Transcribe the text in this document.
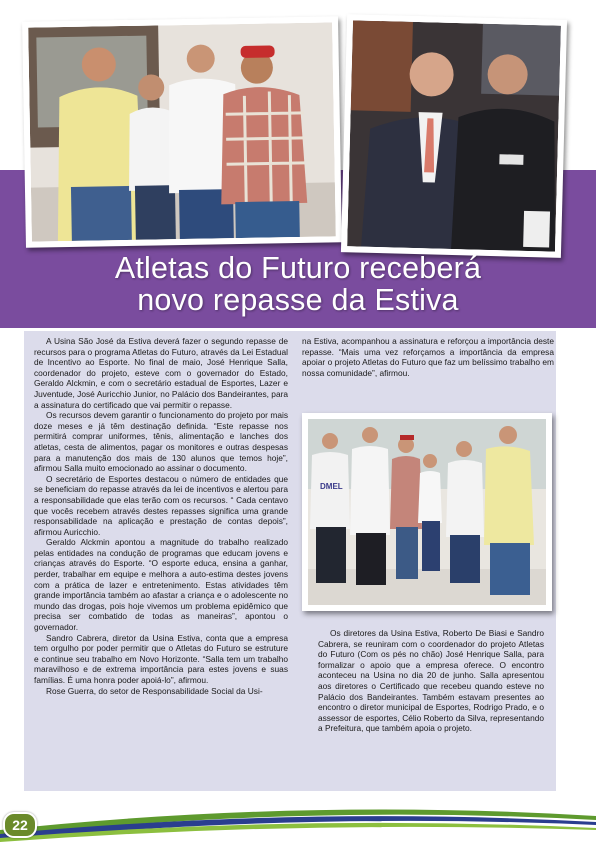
Atletas do Futuro receberá
novo repasse da Estiva

A Usina São José da Estiva deverá fazer o segundo repasse de recursos para o programa Atletas do Futuro, através da Lei Estadual de Incentivo ao Esporte. No final de maio, José Henrique Salla, coordenador do projeto, esteve com o governador do Estado, Geraldo Alckmin, e com o secretário estadual de Esportes, Lazer e Juventude, José Auricchio Junior, no Palácio dos Bandeirantes, para a assinatura do certificado que vai permitir o repasse.

Os recursos devem garantir o funcionamento do projeto por mais doze meses e já têm destinação definida. “Este repasse nos permitirá comprar uniformes, tênis, alimentação e lanches dos atletas, cesta de alimentos, pagar os monitores e outras despesas para a manutenção dos mais de 130 alunos que temos hoje”, afirmou Salla muito emocionado ao assinar o documento.

O secretário de Esportes destacou o número de entidades que se beneficiam do repasse através da lei de incentivos e alertou para a responsabilidade que elas terão com os recursos. “ Cada centavo que vocês recebem através destes repasses significa uma grande responsabilidade na aplicação e prestação de contas depois”, afirmou Auricchio.

Geraldo Alckmin apontou a magnitude do trabalho realizado pelas entidades na condução de programas que educam jovens e crianças através do Esporte. “O esporte educa, ensina a ganhar, perder, trabalhar em equipe e melhora a auto-estima destes jovens com a prática de lazer e entretenimento. Estas atividades têm grande importância também ao afastar a criança e o adolescente no mundo das drogas, pois hoje vivemos um problema epidêmico que precisa ser combatido de todas as maneiras”, apontou o governador.

Sandro Cabrera, diretor da Usina Estiva, conta que a empresa tem orgulho por poder permitir que o Atletas do Futuro se estruture e continue seu trabalho em Novo Horizonte. “Salla tem um trabalho maravilhoso e de extrema importância para estes jovens e suas famílias. É uma honra poder apoiá-lo”, afirmou.

Rose Guerra, do setor de Responsabilidade Social da Usi-

na Estiva, acompanhou a assinatura e reforçou a importância deste repasse. “Mais uma vez reforçamos a importância da empresa apoiar o projeto Atletas do Futuro que faz um belíssimo trabalho em nossa comunidade”, afirmou.

DMEL

Os diretores da Usina Estiva, Roberto De Biasi e Sandro Cabrera, se reuniram com o coordenador do projeto Atletas do Futuro (Com os pés no chão) José Henrique Salla, para formalizar o apoio que a empresa oferece. O encontro aconteceu na Usina no dia 20 de junho. Salla apresentou aos diretores o Certificado que recebeu quando esteve no Palácio dos Bandeirantes. Também estavam presentes ao encontro o diretor municipal de Esportes, Rodrigo Prado, e o assessor de esportes, Célio Roberto da Silva, representando a Prefeitura, que também apoia o projeto.

22
